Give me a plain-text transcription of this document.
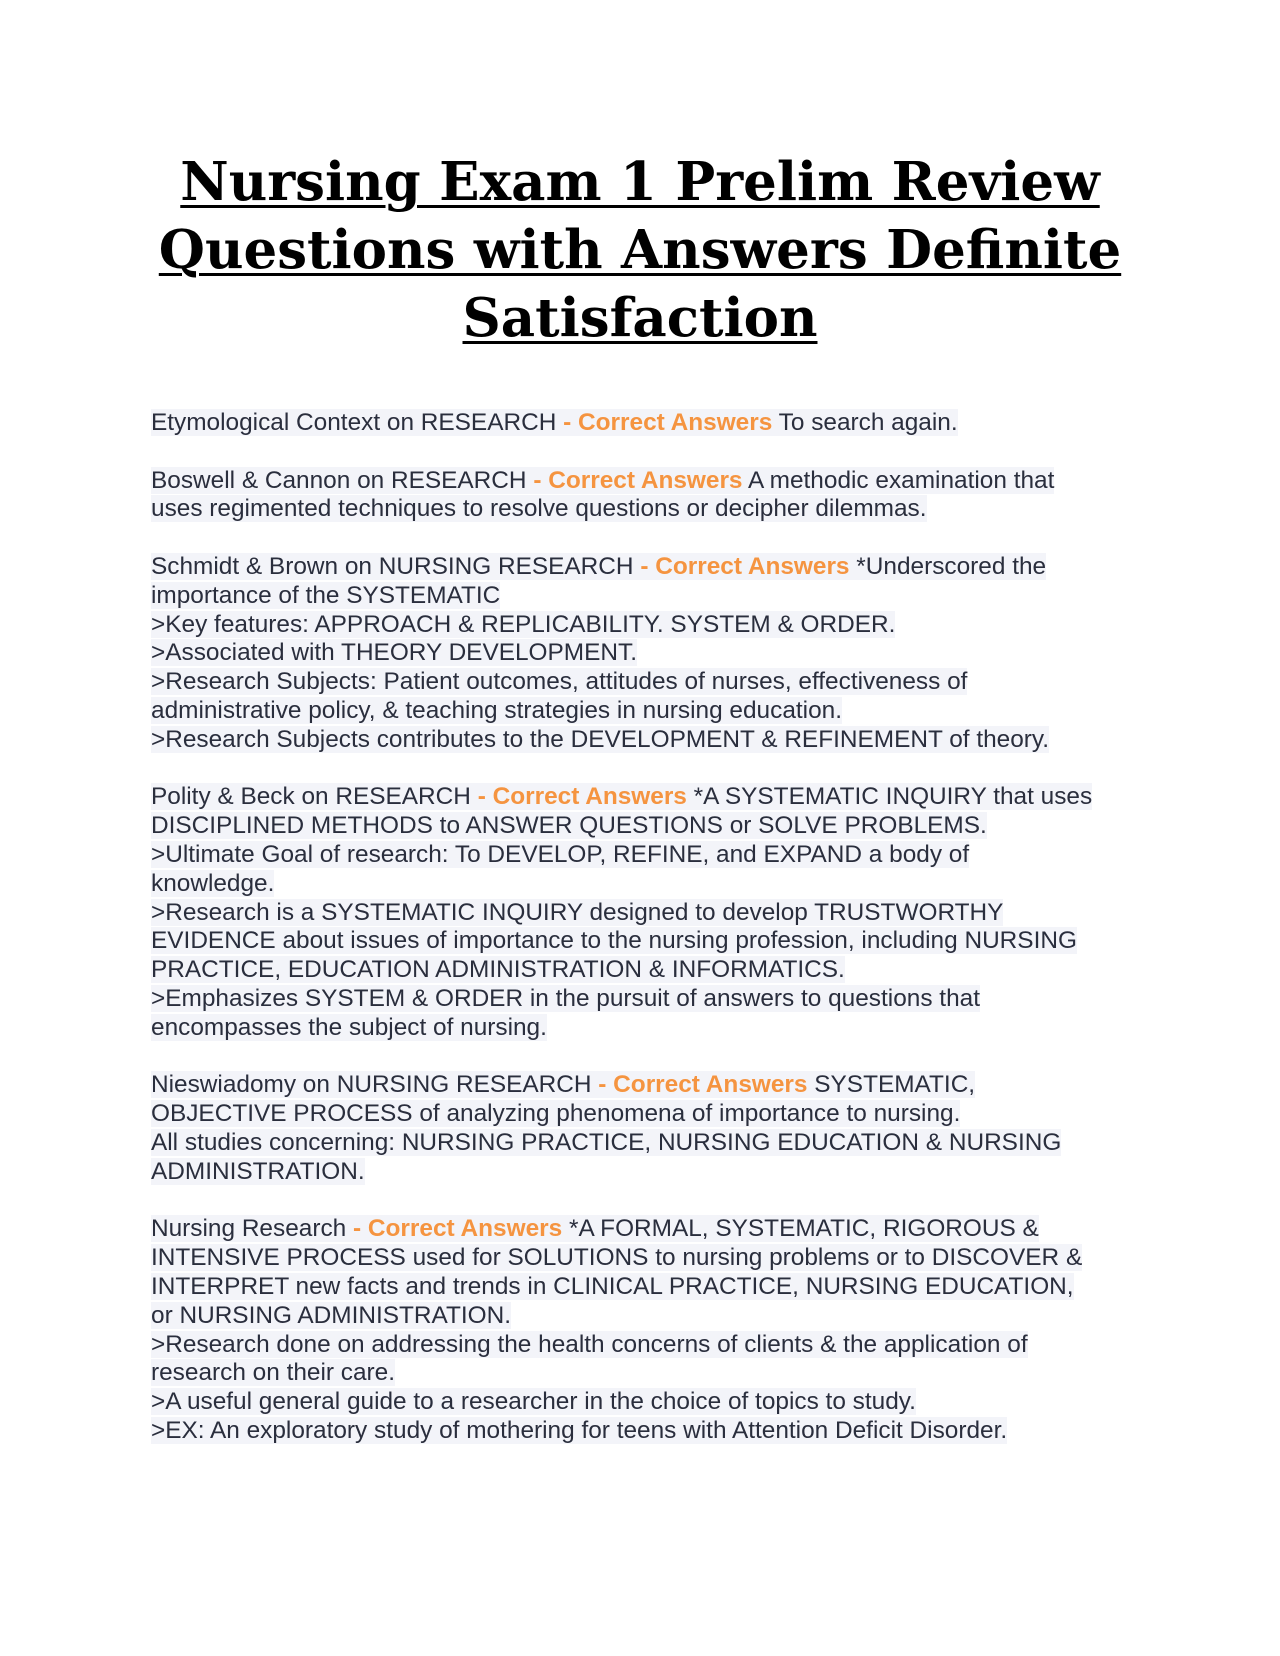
Nursing Exam 1 Prelim Review
Questions with Answers Definite
Satisfaction
Etymological Context on RESEARCH - Correct Answers To search again.
Boswell & Cannon on RESEARCH - Correct Answers A methodic examination that
uses regimented techniques to resolve questions or decipher dilemmas.
Schmidt & Brown on NURSING RESEARCH - Correct Answers *Underscored the
importance of the SYSTEMATIC
>Key features: APPROACH & REPLICABILITY. SYSTEM & ORDER.
>Associated with THEORY DEVELOPMENT.
>Research Subjects: Patient outcomes, attitudes of nurses, effectiveness of
administrative policy, & teaching strategies in nursing education.
>Research Subjects contributes to the DEVELOPMENT & REFINEMENT of theory.
Polity & Beck on RESEARCH - Correct Answers *A SYSTEMATIC INQUIRY that uses
DISCIPLINED METHODS to ANSWER QUESTIONS or SOLVE PROBLEMS.
>Ultimate Goal of research: To DEVELOP, REFINE, and EXPAND a body of
knowledge.
>Research is a SYSTEMATIC INQUIRY designed to develop TRUSTWORTHY
EVIDENCE about issues of importance to the nursing profession, including NURSING
PRACTICE, EDUCATION ADMINISTRATION & INFORMATICS.
>Emphasizes SYSTEM & ORDER in the pursuit of answers to questions that
encompasses the subject of nursing.
Nieswiadomy on NURSING RESEARCH - Correct Answers SYSTEMATIC,
OBJECTIVE PROCESS of analyzing phenomena of importance to nursing.
All studies concerning: NURSING PRACTICE, NURSING EDUCATION & NURSING
ADMINISTRATION.
Nursing Research - Correct Answers *A FORMAL, SYSTEMATIC, RIGOROUS &
INTENSIVE PROCESS used for SOLUTIONS to nursing problems or to DISCOVER &
INTERPRET new facts and trends in CLINICAL PRACTICE, NURSING EDUCATION,
or NURSING ADMINISTRATION.
>Research done on addressing the health concerns of clients & the application of
research on their care.
>A useful general guide to a researcher in the choice of topics to study.
>EX: An exploratory study of mothering for teens with Attention Deficit Disorder.
